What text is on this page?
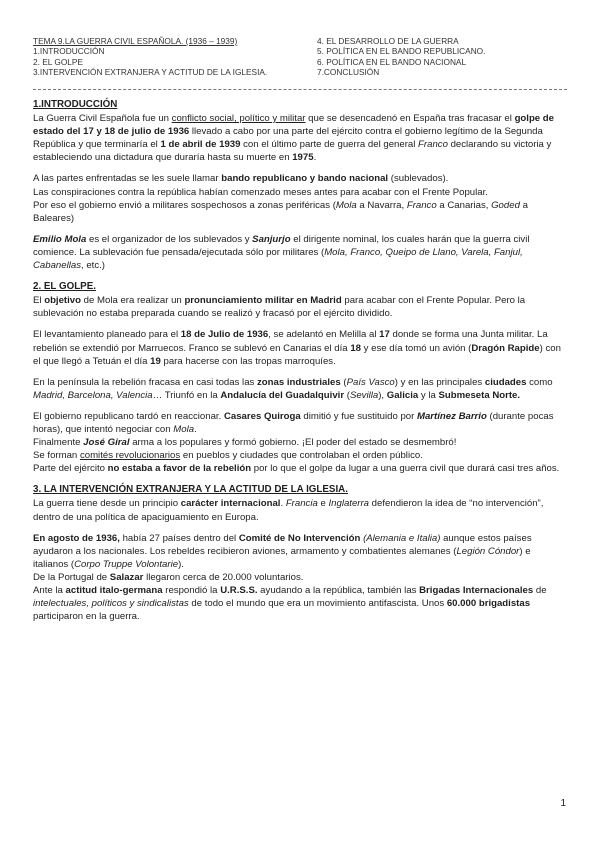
TEMA 9.LA GUERRA CIVIL ESPAÑOLA. (1936 – 1939)
1.INTRODUCCIÓN
2. EL GOLPE
3.INTERVENCIÓN EXTRANJERA Y ACTITUD DE LA IGLESIA.
4. EL DESARROLLO DE LA GUERRA
5. POLÍTICA EN EL BANDO REPUBLICANO.
6. POLÍTICA EN EL BANDO NACIONAL
7.CONCLUSIÓN
1.INTRODUCCIÓN

La Guerra Civil Española fue un conflicto social, político y militar que se desencadenó en España tras fracasar el golpe de estado del 17 y 18 de julio de 1936 llevado a cabo por una parte del ejército contra el gobierno legítimo de la Segunda República y que terminaría el 1 de abril de 1939 con el último parte de guerra del general Franco declarando su victoria y estableciendo una dictadura que duraría hasta su muerte en 1975.

A las partes enfrentadas se les suele llamar bando republicano y bando nacional (sublevados).

Las conspiraciones contra la república habían comenzado meses antes para acabar con el Frente Popular.

Por eso el gobierno envió a militares sospechosos a zonas periféricas (Mola a Navarra, Franco a Canarias, Goded a Baleares)

Emilio Mola es el organizador de los sublevados y Sanjurjo el dirigente nominal, los cuales harán que la guerra civil comience. La sublevación fue pensada/ejecutada sólo por militares (Mola, Franco, Queipo de Llano, Varela, Fanjul, Cabanellas, etc.)

2. EL GOLPE.

El objetivo de Mola era realizar un pronunciamiento militar en Madrid para acabar con el Frente Popular. Pero la sublevación no estaba preparada cuando se realizó y fracasó por el ejército dividido.

El levantamiento planeado para el 18 de Julio de 1936, se adelantó en Melilla al 17 donde se forma una Junta militar. La rebelión se extendió por Marruecos. Franco se sublevó en Canarias el día 18 y ese día tomó un avión (Dragón Rapide) con el que llegó a Tetuán el día 19 para hacerse con las tropas marroquíes.

En la península la rebelión fracasa en casi todas las zonas industriales (País Vasco) y en las principales ciudades como Madrid, Barcelona, Valencia… Triunfó en la Andalucía del Guadalquivir (Sevilla), Galicia y la Submeseta Norte.

El gobierno republicano tardó en reaccionar. Casares Quiroga dimitió y fue sustituido por Martínez Barrio (durante pocas horas), que intentó negociar con Mola.

Finalmente José Giral arma a los populares y formó gobierno. ¡El poder del estado se desmembró!

Se forman comités revolucionarios en pueblos y ciudades que controlaban el orden público.

Parte del ejército no estaba a favor de la rebelión por lo que el golpe da lugar a una guerra civil que durará casi tres años.

3. LA INTERVENCIÓN EXTRANJERA Y LA ACTITUD DE LA IGLESIA.

La guerra tiene desde un principio carácter internacional. Francia e Inglaterra defendieron la idea de “no intervención”, dentro de una política de apaciguamiento en Europa.

En agosto de 1936, había 27 países dentro del Comité de No Intervención (Alemania e Italia) aunque estos países ayudaron a los nacionales. Los rebeldes recibieron aviones, armamento y combatientes alemanes (Legión Cóndor) e italianos (Corpo Truppe Volontarie).

De la Portugal de Salazar llegaron cerca de 20.000 voluntarios.

Ante la actitud italo-germana respondió la U.R.S.S. ayudando a la república, también las Brigadas Internacionales de intelectuales, políticos y sindicalistas de todo el mundo que era un movimiento antifascista. Unos 60.000 brigadistas participaron en la guerra.

1
